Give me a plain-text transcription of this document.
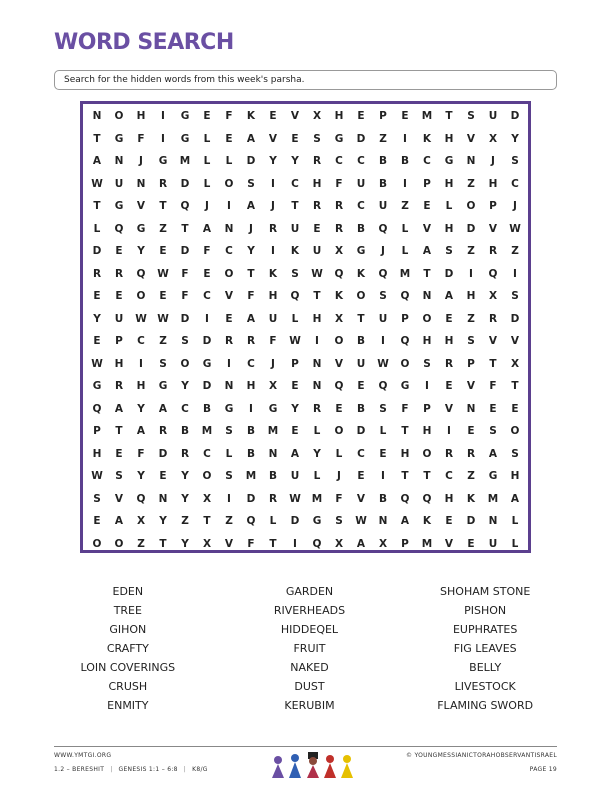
WORD SEARCH
Search for the hidden words from this week's parsha.
N	O	H	I	G	E	F	K	E	V	X	H	E	P	E	M	T	S	U	D
T	G	F	I	G	L	E	A	V	E	S	G	D	Z	I	K	H	V	X	Y
A	N	J	G	M	L	L	D	Y	Y	R	C	C	B	B	C	G	N	J	S
W	U	N	R	D	L	O	S	I	C	H	F	U	B	I	P	H	Z	H	C
T	G	V	T	Q	J	I	A	J	T	R	R	C	U	Z	E	L	O	P	J
L	Q	G	Z	T	A	N	J	R	U	E	R	B	Q	L	V	H	D	V	W
D	E	Y	E	D	F	C	Y	I	K	U	X	G	J	L	A	S	Z	R	Z
R	R	Q	W	F	E	O	T	K	S	W	Q	K	Q	M	T	D	I	Q	I
E	E	O	E	F	C	V	F	H	Q	T	K	O	S	Q	N	A	H	X	S
Y	U	W W	D	I	E	A	U	L	H	X	T	U	P	O	E	Z	R	D
E	P	C	Z	S	D	R	R	F	W	I	O	B	I	Q	H	H	S	V	V
W	H	I	S	O	G	I	C	J	P	N	V	U	W	O	S	R	P	T	X
G	R	H	G	Y	D	N	H	X	E	N	Q	E	Q	G	I	E	V	F	T
Q	A	Y	A	C	B	G	I	G	Y	R	E	B	S	F	P	V	N	E	E
P	T	A	R	B	M	S	B	M	E	L	O	D	L	T	H	I	E	S	O
H	E	F	D	R	C	L	B	N	A	Y	L	C	E	H	O	R	R	A	S
W	S	Y	E	Y	O	S	M	B	U	L	J	E	I	T	T	C	Z	G	H
S	V	Q	N	Y	X	I	D	R	W	M	F	V	B	Q	Q	H	K	M	A
E	A	X	Y	Z	T	Z	Q	L	D	G	S	W	N	A	K	E	D	N	L
O	O	Z	T	Y	X	V	F	T	I	Q	X	A	X	P	M	V	E	U	L
EDEN	GARDEN	SHOHAM STONE
TREE	RIVERHEADS	PISHON
GIHON	HIDDEQEL	EUPHRATES
CRAFTY	FRUIT	FIG LEAVES
LOIN COVERINGS	NAKED	BELLY
CRUSH	DUST	LIVESTOCK
ENMITY	KERUBIM	FLAMING SWORD
WWW.YMTGI.ORG
1.2 – BERESHIT | GENESIS 1:1 – 6:8 | K8/G
© YOUNGMESSIANICTORAHOBSERVANTISRAEL
PAGE 19
